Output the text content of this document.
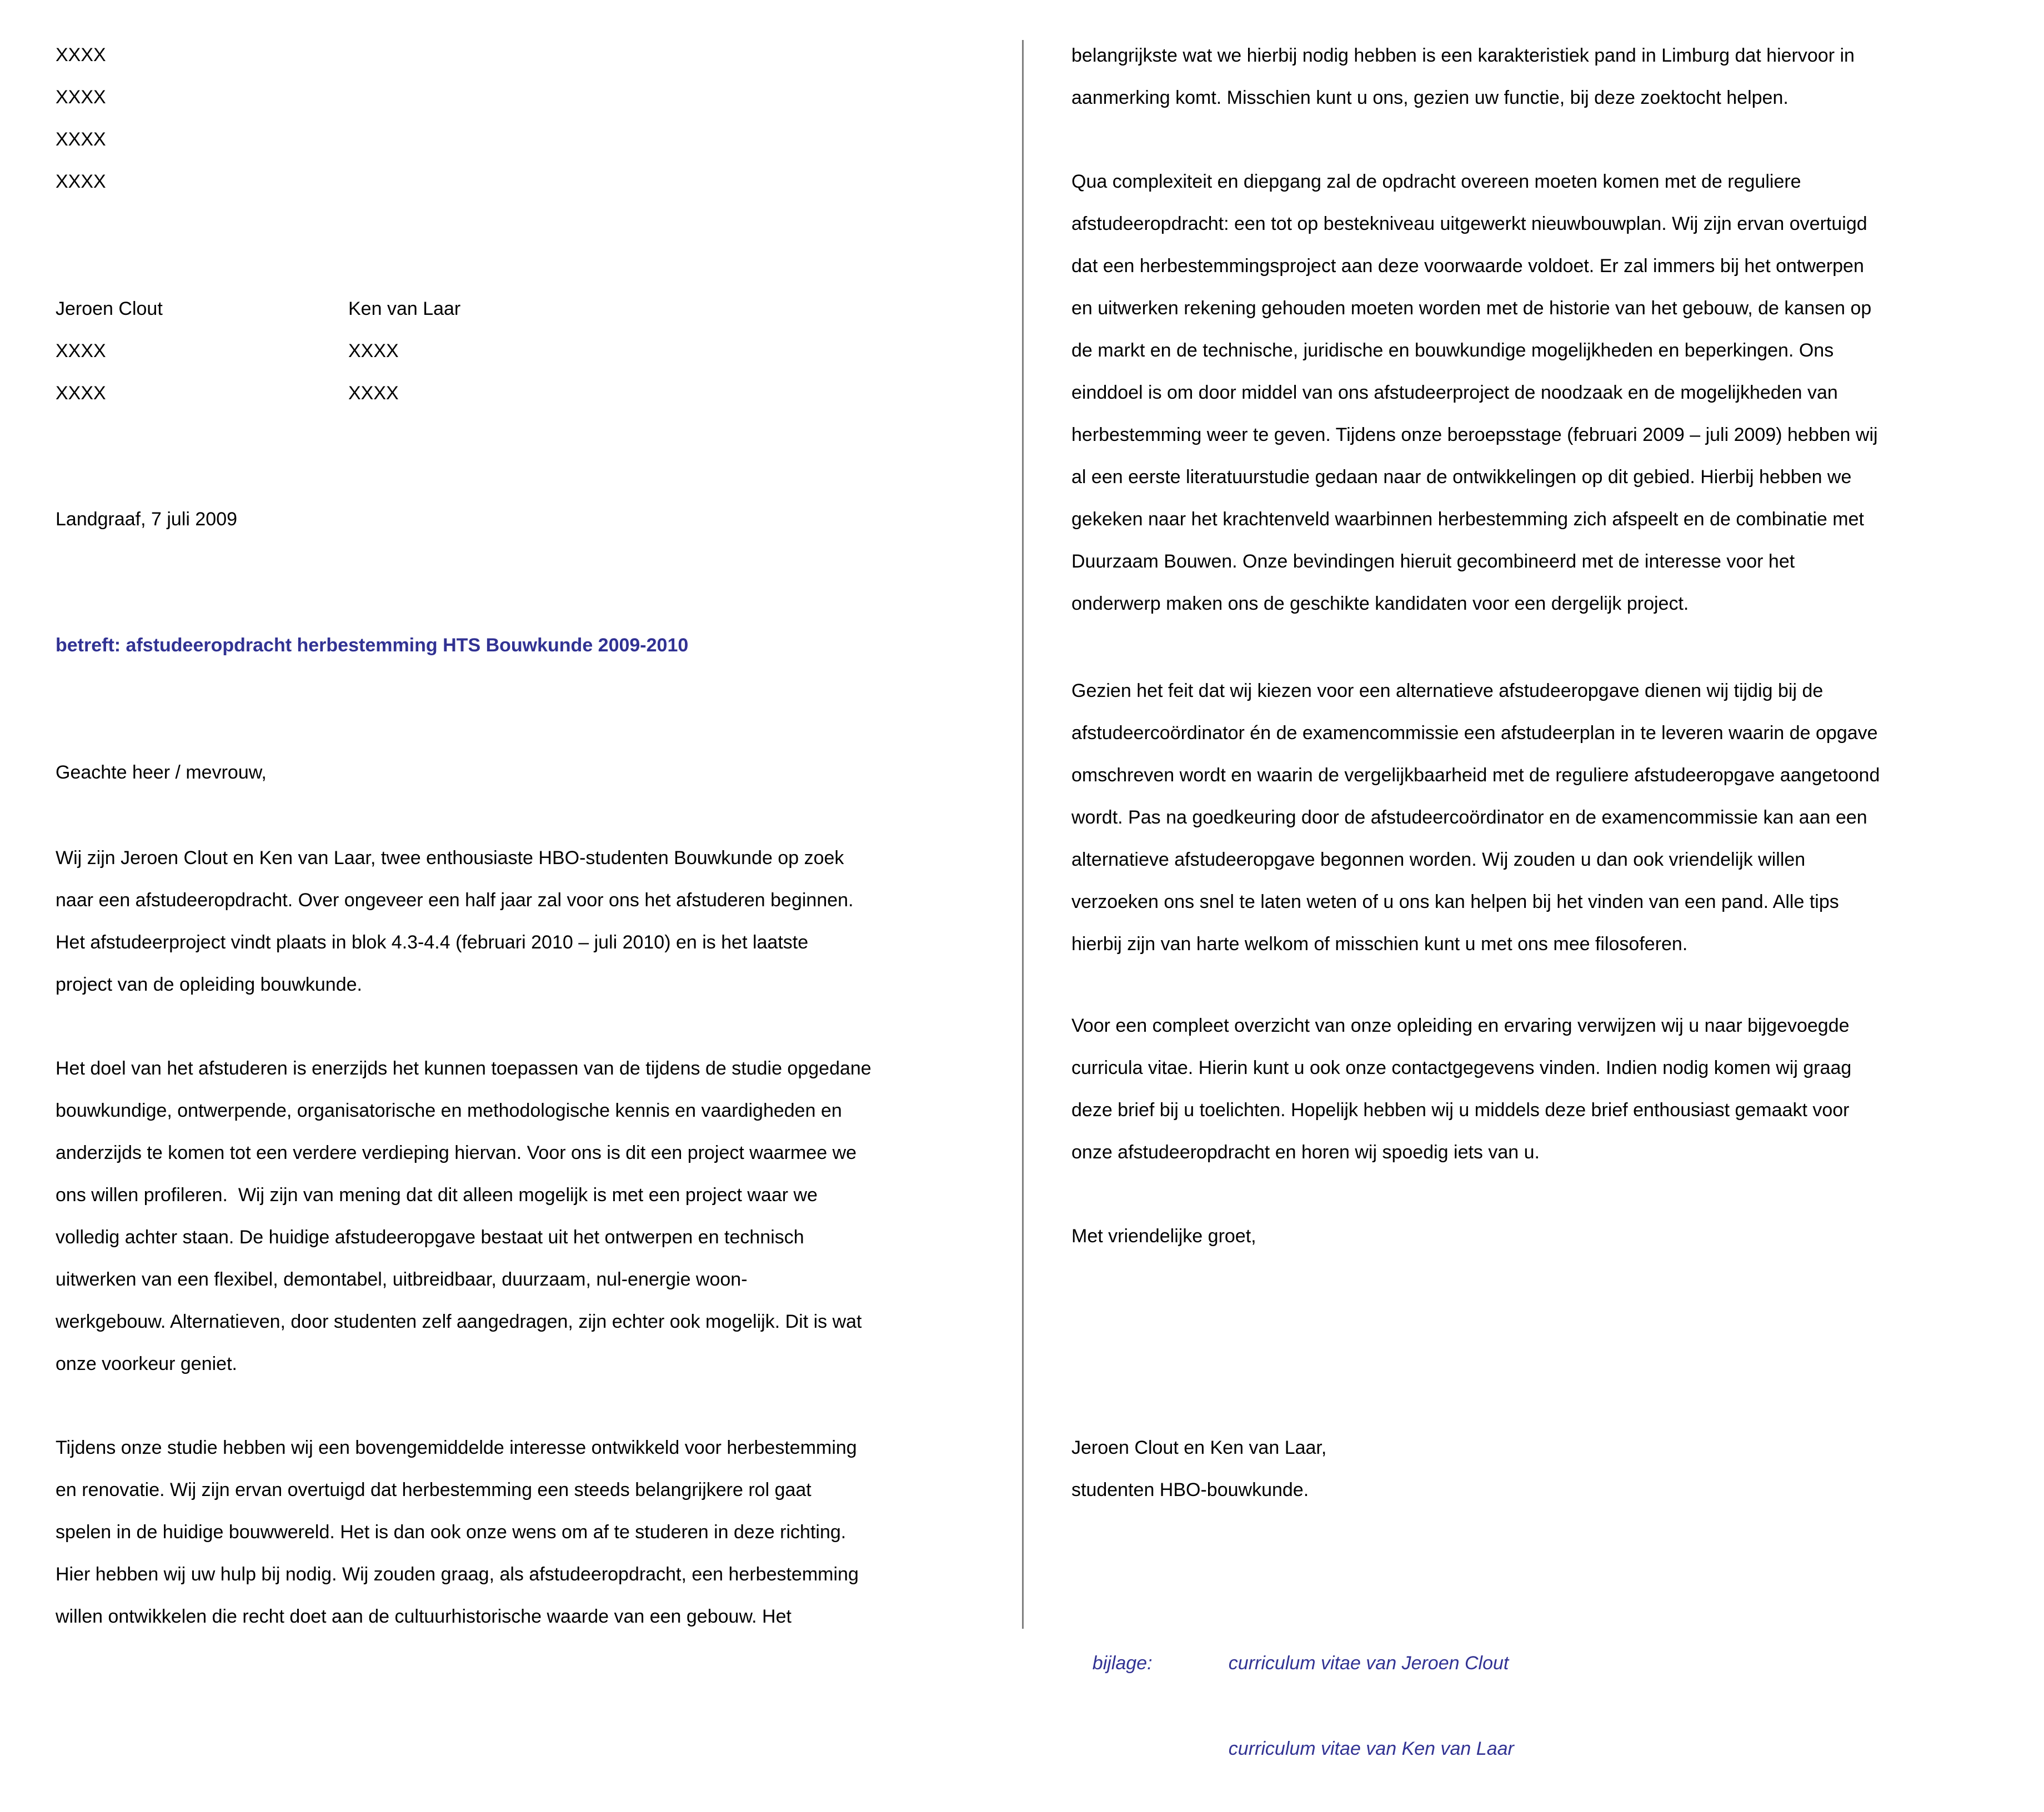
XXXX
XXXX
XXXX
XXXX
Jeroen Clout	Ken van Laar
XXXX	XXXX
XXXX	XXXX
Landgraaf, 7 juli 2009
betreft: afstudeeropdracht herbestemming HTS Bouwkunde 2009-2010
Geachte heer / mevrouw,
Wij zijn Jeroen Clout en Ken van Laar, twee enthousiaste HBO-studenten Bouwkunde op zoek
naar een afstudeeropdracht. Over ongeveer een half jaar zal voor ons het afstuderen beginnen.
Het afstudeerproject vindt plaats in blok 4.3-4.4 (februari 2010 – juli 2010) en is het laatste
project van de opleiding bouwkunde.
Het doel van het afstuderen is enerzijds het kunnen toepassen van de tijdens de studie opgedane
bouwkundige, ontwerpende, organisatorische en methodologische kennis en vaardigheden en
anderzijds te komen tot een verdere verdieping hiervan. Voor ons is dit een project waarmee we
ons willen profileren.  Wij zijn van mening dat dit alleen mogelijk is met een project waar we
volledig achter staan. De huidige afstudeeropgave bestaat uit het ontwerpen en technisch
uitwerken van een flexibel, demontabel, uitbreidbaar, duurzaam, nul-energie woon-
werkgebouw. Alternatieven, door studenten zelf aangedragen, zijn echter ook mogelijk. Dit is wat
onze voorkeur geniet.
Tijdens onze studie hebben wij een bovengemiddelde interesse ontwikkeld voor herbestemming
en renovatie. Wij zijn ervan overtuigd dat herbestemming een steeds belangrijkere rol gaat
spelen in de huidige bouwwereld. Het is dan ook onze wens om af te studeren in deze richting.
Hier hebben wij uw hulp bij nodig. Wij zouden graag, als afstudeeropdracht, een herbestemming
willen ontwikkelen die recht doet aan de cultuurhistorische waarde van een gebouw. Het
belangrijkste wat we hierbij nodig hebben is een karakteristiek pand in Limburg dat hiervoor in
aanmerking komt. Misschien kunt u ons, gezien uw functie, bij deze zoektocht helpen.
Qua complexiteit en diepgang zal de opdracht overeen moeten komen met de reguliere
afstudeeropdracht: een tot op bestekniveau uitgewerkt nieuwbouwplan. Wij zijn ervan overtuigd
dat een herbestemmingsproject aan deze voorwaarde voldoet. Er zal immers bij het ontwerpen
en uitwerken rekening gehouden moeten worden met de historie van het gebouw, de kansen op
de markt en de technische, juridische en bouwkundige mogelijkheden en beperkingen. Ons
einddoel is om door middel van ons afstudeerproject de noodzaak en de mogelijkheden van
herbestemming weer te geven. Tijdens onze beroepsstage (februari 2009 – juli 2009) hebben wij
al een eerste literatuurstudie gedaan naar de ontwikkelingen op dit gebied. Hierbij hebben we
gekeken naar het krachtenveld waarbinnen herbestemming zich afspeelt en de combinatie met
Duurzaam Bouwen. Onze bevindingen hieruit gecombineerd met de interesse voor het
onderwerp maken ons de geschikte kandidaten voor een dergelijk project.
Gezien het feit dat wij kiezen voor een alternatieve afstudeeropgave dienen wij tijdig bij de
afstudeercoördinator én de examencommissie een afstudeerplan in te leveren waarin de opgave
omschreven wordt en waarin de vergelijkbaarheid met de reguliere afstudeeropgave aangetoond
wordt. Pas na goedkeuring door de afstudeercoördinator en de examencommissie kan aan een
alternatieve afstudeeropgave begonnen worden. Wij zouden u dan ook vriendelijk willen
verzoeken ons snel te laten weten of u ons kan helpen bij het vinden van een pand. Alle tips
hierbij zijn van harte welkom of misschien kunt u met ons mee filosoferen.
Voor een compleet overzicht van onze opleiding en ervaring verwijzen wij u naar bijgevoegde
curricula vitae. Hierin kunt u ook onze contactgegevens vinden. Indien nodig komen wij graag
deze brief bij u toelichten. Hopelijk hebben wij u middels deze brief enthousiast gemaakt voor
onze afstudeeropdracht en horen wij spoedig iets van u.
Met vriendelijke groet,
Jeroen Clout en Ken van Laar,
studenten HBO-bouwkunde.

bijlage:	curriculum vitae van Jeroen Clout

curriculum vitae van Ken van Laar
